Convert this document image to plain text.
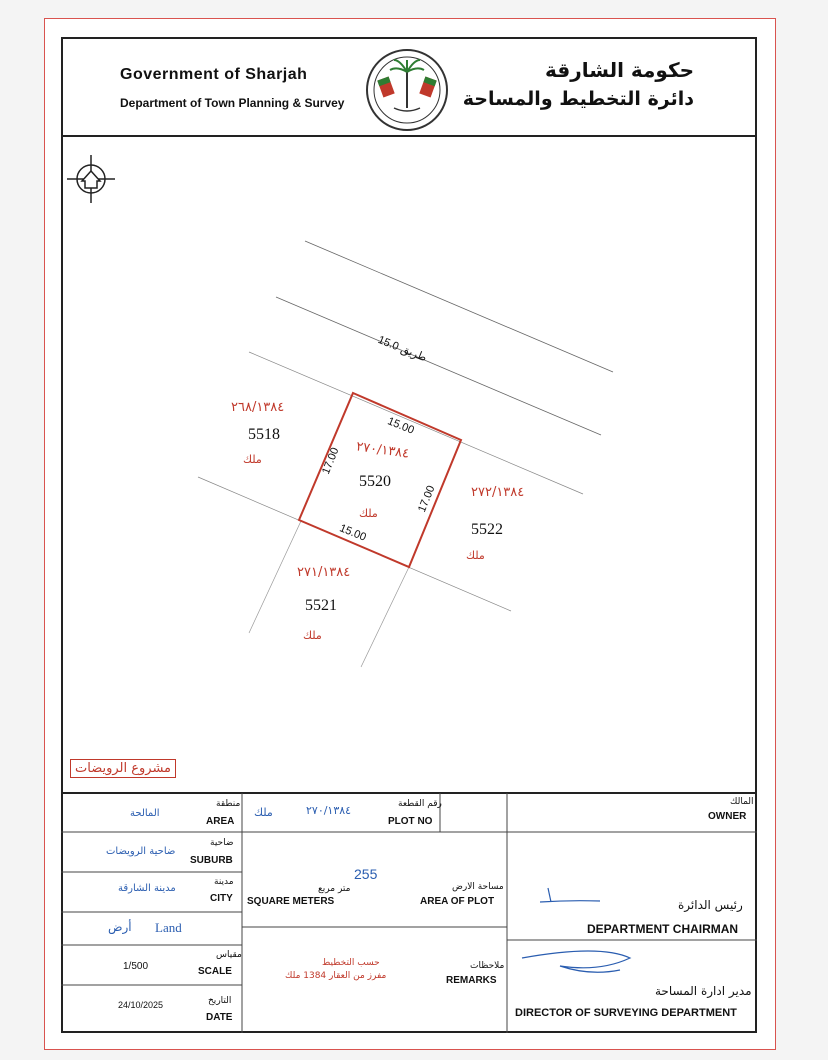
Government of Sharjah
Department of Town Planning & Survey
حكومة الشارقة
دائرة التخطيط والمساحة
طريق 15.0
15.00
15.00
17.00
17.00
٢٦٨/١٣٨٤
5518
ملك	٢٧٠/١٣٨٤
5520
ملك
٢٧٢/١٣٨٤
5522
ملك
٢٧١/١٣٨٤
5521
ملك
مشروع الرويضات
منطقة
AREA
المالحة
ضاحية
SUBURB
ضاحية الرويضات
مدينة
CITY
مدينة الشارقة
أرض Land
مقياس
SCALE
1/500
التاريخ
DATE
24/10/2025
رقم القطعة
PLOT NO
٢٧٠/١٣٨٤
ملك
255
متر مربع
SQUARE METERS
مساحة الارض
AREA OF PLOT
حسب التخطيط
مفرز من العقار 1384 ملك
ملاحظات
REMARKS
المالك
OWNER
رئيس الدائرة
DEPARTMENT CHAIRMAN
مدير ادارة المساحة
DIRECTOR OF SURVEYING DEPARTMENT
